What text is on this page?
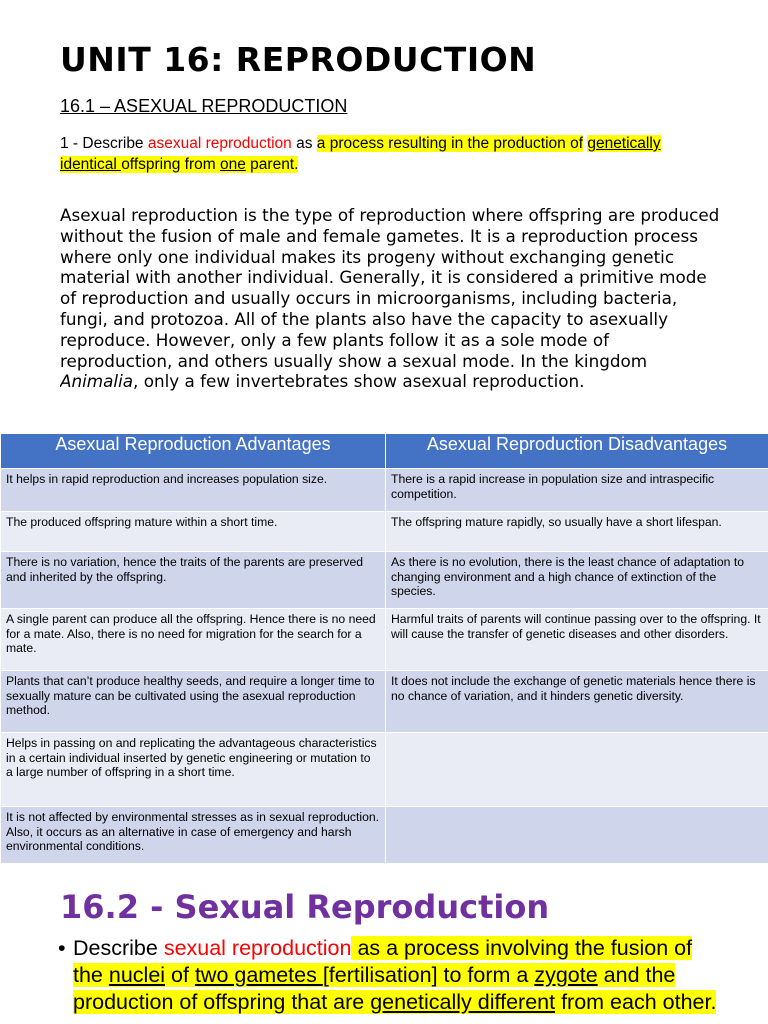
UNIT 16: REPRODUCTION
16.1 – ASEXUAL REPRODUCTION
1 - Describe asexual reproduction as a process resulting in the production of genetically identical offspring from one parent.
Asexual reproduction is the type of reproduction where offspring are produced without the fusion of male and female gametes. It is a reproduction process where only one individual makes its progeny without exchanging genetic material with another individual. Generally, it is considered a primitive mode of reproduction and usually occurs in microorganisms, including bacteria, fungi, and protozoa. All of the plants also have the capacity to asexually reproduce. However, only a few plants follow it as a sole mode of reproduction, and others usually show a sexual mode. In the kingdom Animalia, only a few invertebrates show asexual reproduction.
Asexual Reproduction Advantages	Asexual Reproduction Disadvantages
It helps in rapid reproduction and increases population size.	There is a rapid increase in population size and intraspecific competition.
The produced offspring mature within a short time.	The offspring mature rapidly, so usually have a short lifespan.
There is no variation, hence the traits of the parents are preserved and inherited by the offspring.	As there is no evolution, there is the least chance of adaptation to changing environment and a high chance of extinction of the species.
A single parent can produce all the offspring. Hence there is no need for a mate. Also, there is no need for migration for the search for a mate.	Harmful traits of parents will continue passing over to the offspring. It will cause the transfer of genetic diseases and other disorders.
Plants that can’t produce healthy seeds, and require a longer time to sexually mature can be cultivated using the asexual reproduction method.	It does not include the exchange of genetic materials hence there is no chance of variation, and it hinders genetic diversity.
Helps in passing on and replicating the advantageous characteristics in a certain individual inserted by genetic engineering or mutation to a large number of offspring in a short time.	
It is not affected by environmental stresses as in sexual reproduction. Also, it occurs as an alternative in case of emergency and harsh environmental conditions.	
16.2 - Sexual Reproduction
• Describe sexual reproduction as a process involving the fusion of the nuclei of two gametes [fertilisation] to form a zygote and the production of offspring that are genetically different from each other.
